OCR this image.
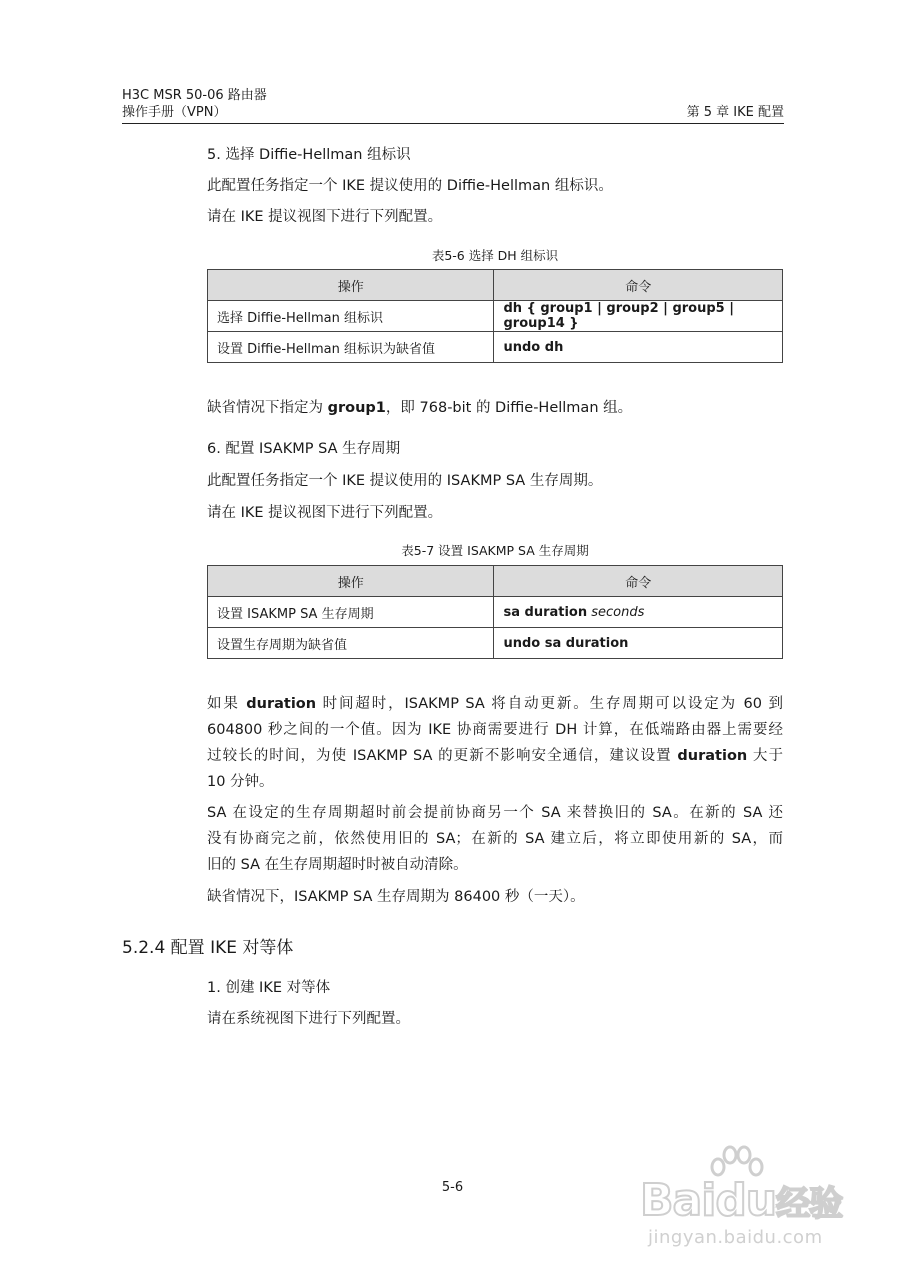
H3C MSR 50-06 路由器
操作手册（VPN）	第 5 章 IKE 配置
5. 选择 Diffie-Hellman 组标识
此配置任务指定一个 IKE 提议使用的 Diffie-Hellman 组标识。
请在 IKE 提议视图下进行下列配置。
表5-6 选择 DH 组标识
操作	命令
选择 Diffie-Hellman 组标识	dh { group1 | group2 | group5 | group14 }
设置 Diffie-Hellman 组标识为缺省值	undo dh
缺省情况下指定为 group1，即 768-bit 的 Diffie-Hellman 组。
6. 配置 ISAKMP SA 生存周期
此配置任务指定一个 IKE 提议使用的 ISAKMP SA 生存周期。
请在 IKE 提议视图下进行下列配置。
表5-7 设置 ISAKMP SA 生存周期
操作	命令
设置 ISAKMP SA 生存周期	sa duration seconds
设置生存周期为缺省值	undo sa duration
如果 duration 时间超时，ISAKMP SA 将自动更新。生存周期可以设定为 60 到
604800 秒之间的一个值。因为 IKE 协商需要进行 DH 计算，在低端路由器上需要经
过较长的时间，为使 ISAKMP SA 的更新不影响安全通信，建议设置 duration 大于
10 分钟。
SA 在设定的生存周期超时前会提前协商另一个 SA 来替换旧的 SA。在新的 SA 还
没有协商完之前，依然使用旧的 SA；在新的 SA 建立后，将立即使用新的 SA，而
旧的 SA 在生存周期超时时被自动清除。
缺省情况下，ISAKMP SA 生存周期为 86400 秒（一天）。
5.2.4 配置 IKE 对等体
1. 创建 IKE 对等体
请在系统视图下进行下列配置。
5-6	Baidu经验
jingyan.baidu.com
